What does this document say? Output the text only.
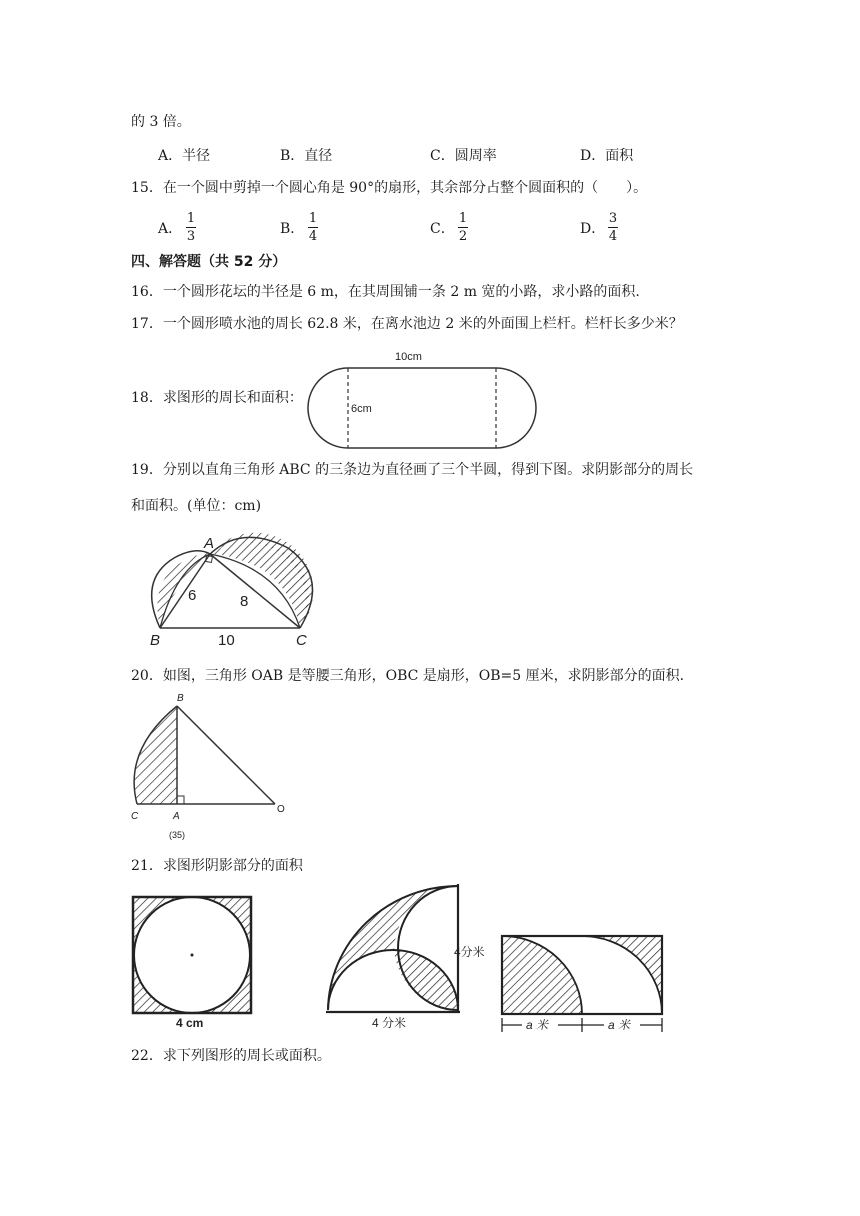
的 3 倍。
A．半径	B．直径	C．圆周率	D．面积
15．在一个圆中剪掉一个圆心角是 90°的扇形，其余部分占整个圆面积的（　　）。
A．
1
3	B．
1
4	C．
1
2	D．
3
4
四、解答题（共 52 分）
16．一个圆形花坛的半径是 6 m，在其周围铺一条 2 m 宽的小路，求小路的面积.
17．一个圆形喷水池的周长 62.8 米，在离水池边 2 米的外面围上栏杆。栏杆长多少米？
18．求图形的周长和面积：
10cm
6cm
19．分别以直角三角形 ABC 的三条边为直径画了三个半圆，得到下图。求阴影部分的周长
和面积。(单位：cm)
A
B	C
6	8
10
20．如图，三角形 OAB 是等腰三角形，OBC 是扇形，OB=5 厘米，求阴影部分的面积.
B
C	A
O
(35)
21．求图形阴影部分的面积
4 cm	4 分米
4分米
a 米	a 米
22．求下列图形的周长或面积。
